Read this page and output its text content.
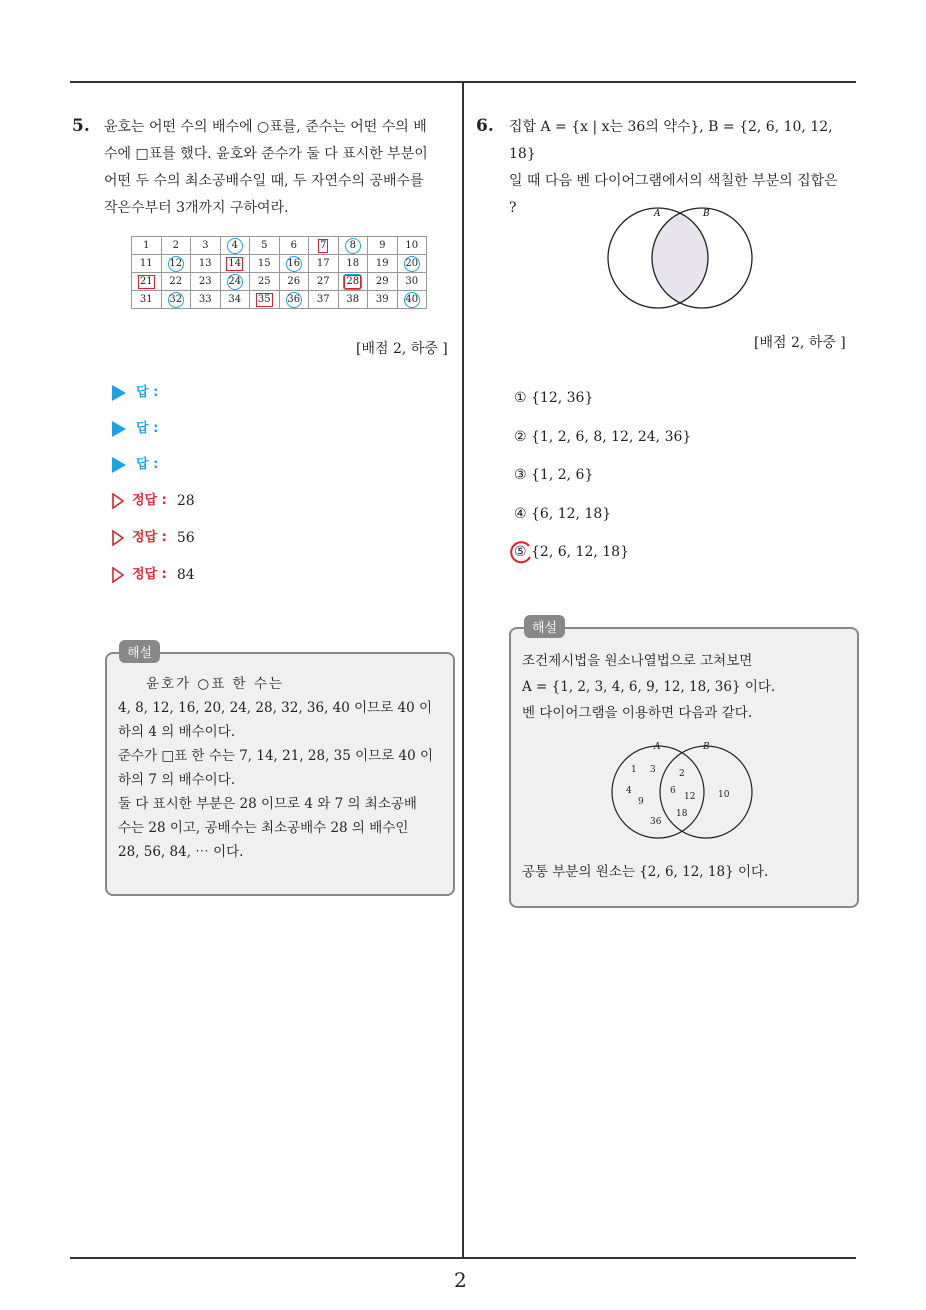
5. 윤호는 어떤 수의 배수에 ○표를, 준수는 어떤 수의 배
수에 □표를 했다. 윤호와 준수가 둘 다 표시한 부분이
어떤 두 수의 최소공배수일 때, 두 자연수의 공배수를
작은수부터 3개까지 구하여라.
1	2	3	4	5	6	7	8	9	10
11	12	13	14	15	16	17	18	19	20
21	22	23	24	25	26	27	28	29	30
31	32	33	34	35	36	37	38	39	40
[배점 2, 하중 ]
답 :
답 :
답 :
정답 : 28
정답 : 56
정답 : 84
해설
윤호가 ○표 한 수는
4, 8, 12, 16, 20, 24, 28, 32, 36, 40 이므로 40 이
하의 4 의 배수이다.
준수가 □표 한 수는 7, 14, 21, 28, 35 이므로 40 이
하의 7 의 배수이다.
둘 다 표시한 부분은 28 이므로 4 와 7 의 최소공배
수는 28 이고, 공배수는 최소공배수 28 의 배수인
28, 56, 84, ⋯ 이다.
6. 집합 A = {x | x는 36의 약수}, B = {2, 6, 10, 12, 18}
일 때 다음 벤 다이어그램에서의 색칠한 부분의 집합은
?	A	B
[배점 2, 하중 ]
① {12, 36}
② {1, 2, 6, 8, 12, 24, 36}
③ {1, 2, 6}
④ {6, 12, 18}
⑤ {2, 6, 12, 18}
해설
조건제시법을 원소나열법으로 고쳐보면
A = {1, 2, 3, 4, 6, 9, 12, 18, 36} 이다.
벤 다이어그램을 이용하면 다음과 같다.
A	B
1 3
4
9
36
2
6
12
18
10
공통 부분의 원소는 {2, 6, 12, 18} 이다.
2
